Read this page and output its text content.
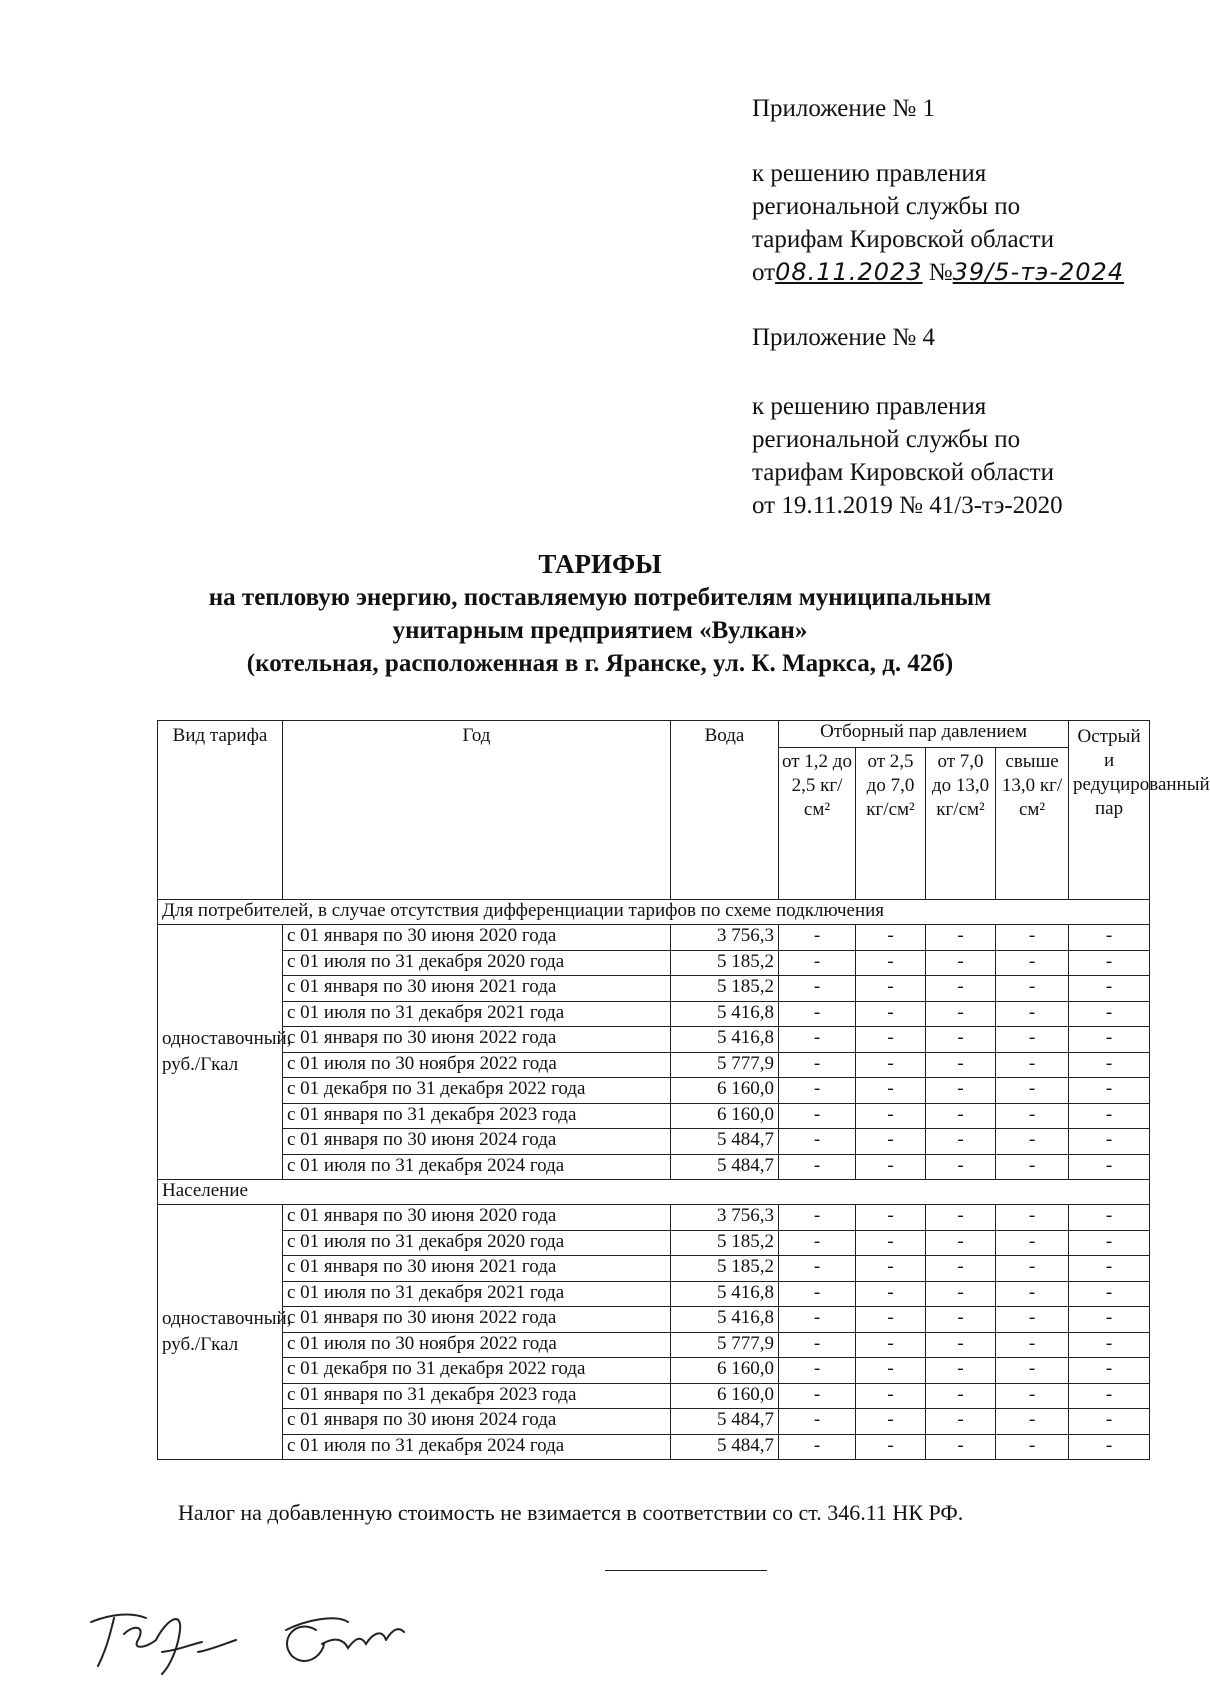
Приложение № 1
к решению правления
региональной службы по
тарифам Кировской области
от08.11.2023 №39/5-тэ-2024
Приложение № 4
к решению правления
региональной службы по
тарифам Кировской области
от 19.11.2019 № 41/3-тэ-2020
ТАРИФЫ
на тепловую энергию, поставляемую потребителям муниципальным
унитарным предприятием «Вулкан»
(котельная, расположенная в г. Яранске, ул. К. Маркса, д. 42б)
Вид тарифа	Год	Вода	Отборный пар давлением				Острый и редуцированный пар
			от 1,2 до 2,5 кг/см²	от 2,5 до 7,0 кг/см²	от 7,0 до 13,0 кг/см²	свыше 13,0 кг/см²	
Для потребителей, в случае отсутствия дифференциации тарифов по схеме подключения							
одноставочный, руб./Гкал	с 01 января по 30 июня 2020 года	3 756,3	-	-	-	-	-
	с 01 июля по 31 декабря 2020 года	5 185,2	-	-	-	-	-
	с 01 января по 30 июня 2021 года	5 185,2	-	-	-	-	-
	с 01 июля по 31 декабря 2021 года	5 416,8	-	-	-	-	-
	с 01 января по 30 июня 2022 года	5 416,8	-	-	-	-	-
	с 01 июля по 30 ноября 2022 года	5 777,9	-	-	-	-	-
	с 01 декабря по 31 декабря 2022 года	6 160,0	-	-	-	-	-
	с 01 января по 31 декабря 2023 года	6 160,0	-	-	-	-	-
	с 01 января по 30 июня 2024 года	5 484,7	-	-	-	-	-
	с 01 июля по 31 декабря 2024 года	5 484,7	-	-	-	-	-
Население							
одноставочный, руб./Гкал	с 01 января по 30 июня 2020 года	3 756,3	-	-	-	-	-
	с 01 июля по 31 декабря 2020 года	5 185,2	-	-	-	-	-
	с 01 января по 30 июня 2021 года	5 185,2	-	-	-	-	-
	с 01 июля по 31 декабря 2021 года	5 416,8	-	-	-	-	-
	с 01 января по 30 июня 2022 года	5 416,8	-	-	-	-	-
	с 01 июля по 30 ноября 2022 года	5 777,9	-	-	-	-	-
	с 01 декабря по 31 декабря 2022 года	6 160,0	-	-	-	-	-
	с 01 января по 31 декабря 2023 года	6 160,0	-	-	-	-	-
	с 01 января по 30 июня 2024 года	5 484,7	-	-	-	-	-
	с 01 июля по 31 декабря 2024 года	5 484,7	-	-	-	-	-
Налог на добавленную стоимость не взимается в соответствии со ст. 346.11 НК РФ.
